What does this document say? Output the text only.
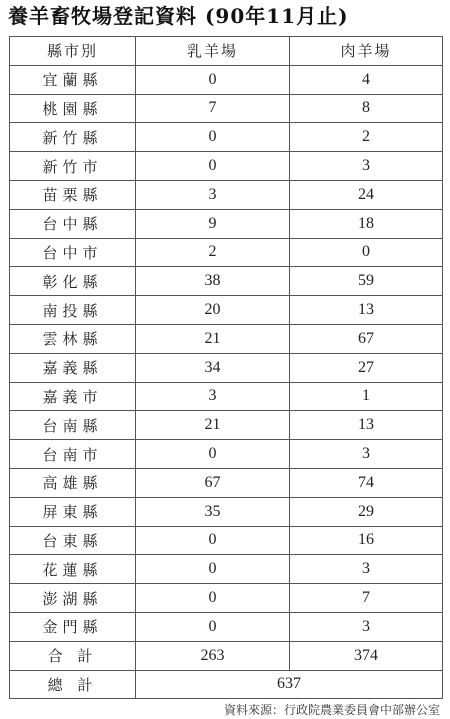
養羊畜牧場登記資料 (90年11月止)
縣市別	乳羊場	肉羊場
宜蘭縣	0	4
桃園縣	7	8
新竹縣	0	2
新竹市	0	3
苗栗縣	3	24
台中縣	9	18
台中市	2	0
彰化縣	38	59
南投縣	20	13
雲林縣	21	67
嘉義縣	34	27
嘉義市	3	1
台南縣	21	13
台南市	0	3
高雄縣	67	74
屏東縣	35	29
台東縣	0	16
花蓮縣	0	3
澎湖縣	0	7
金門縣	0	3
合 計	263	374
總 計	637	
資料來源：行政院農業委員會中部辦公室
